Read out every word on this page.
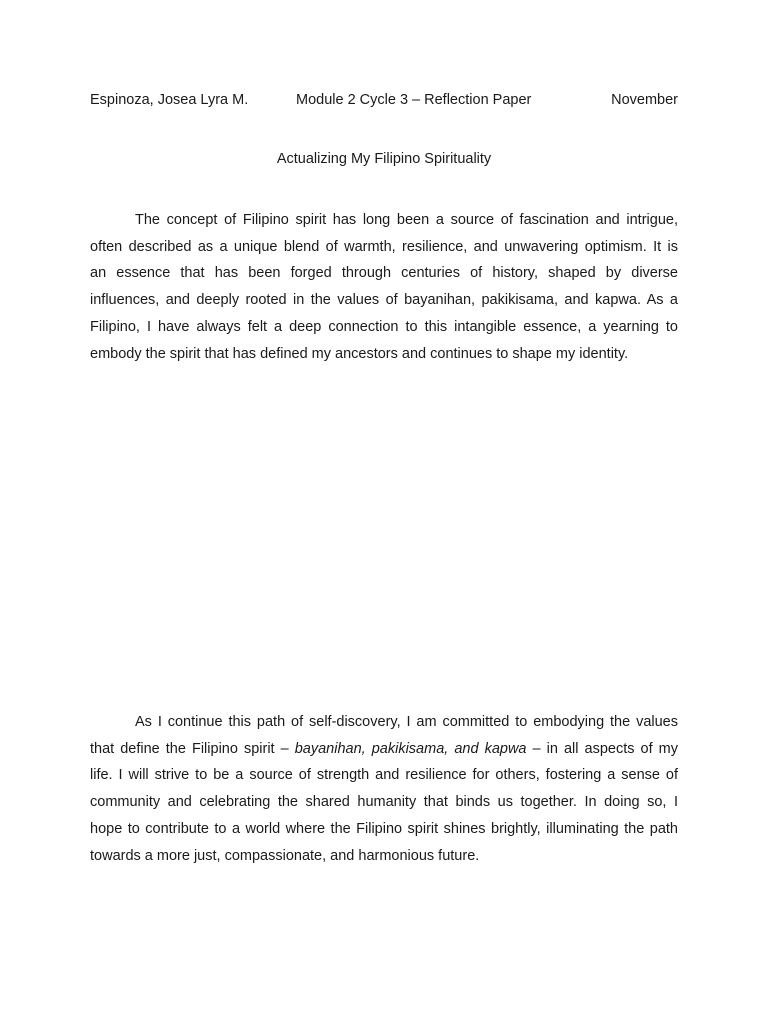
Espinoza, Josea Lyra M.	Module 2 Cycle 3 – Reflection Paper	November
Actualizing My Filipino Spirituality

The concept of Filipino spirit has long been a source of fascination and intrigue,
often described as a unique blend of warmth, resilience, and unwavering optimism. It is
an essence that has been forged through centuries of history, shaped by diverse
influences, and deeply rooted in the values of bayanihan, pakikisama, and kapwa. As a
Filipino, I have always felt a deep connection to this intangible essence, a yearning to
embody the spirit that has defined my ancestors and continues to shape my identity.

As I continue this path of self-discovery, I am committed to embodying the values
that define the Filipino spirit – bayanihan, pakikisama, and kapwa – in all aspects of my
life. I will strive to be a source of strength and resilience for others, fostering a sense of
community and celebrating the shared humanity that binds us together. In doing so, I
hope to contribute to a world where the Filipino spirit shines brightly, illuminating the path
towards a more just, compassionate, and harmonious future.
